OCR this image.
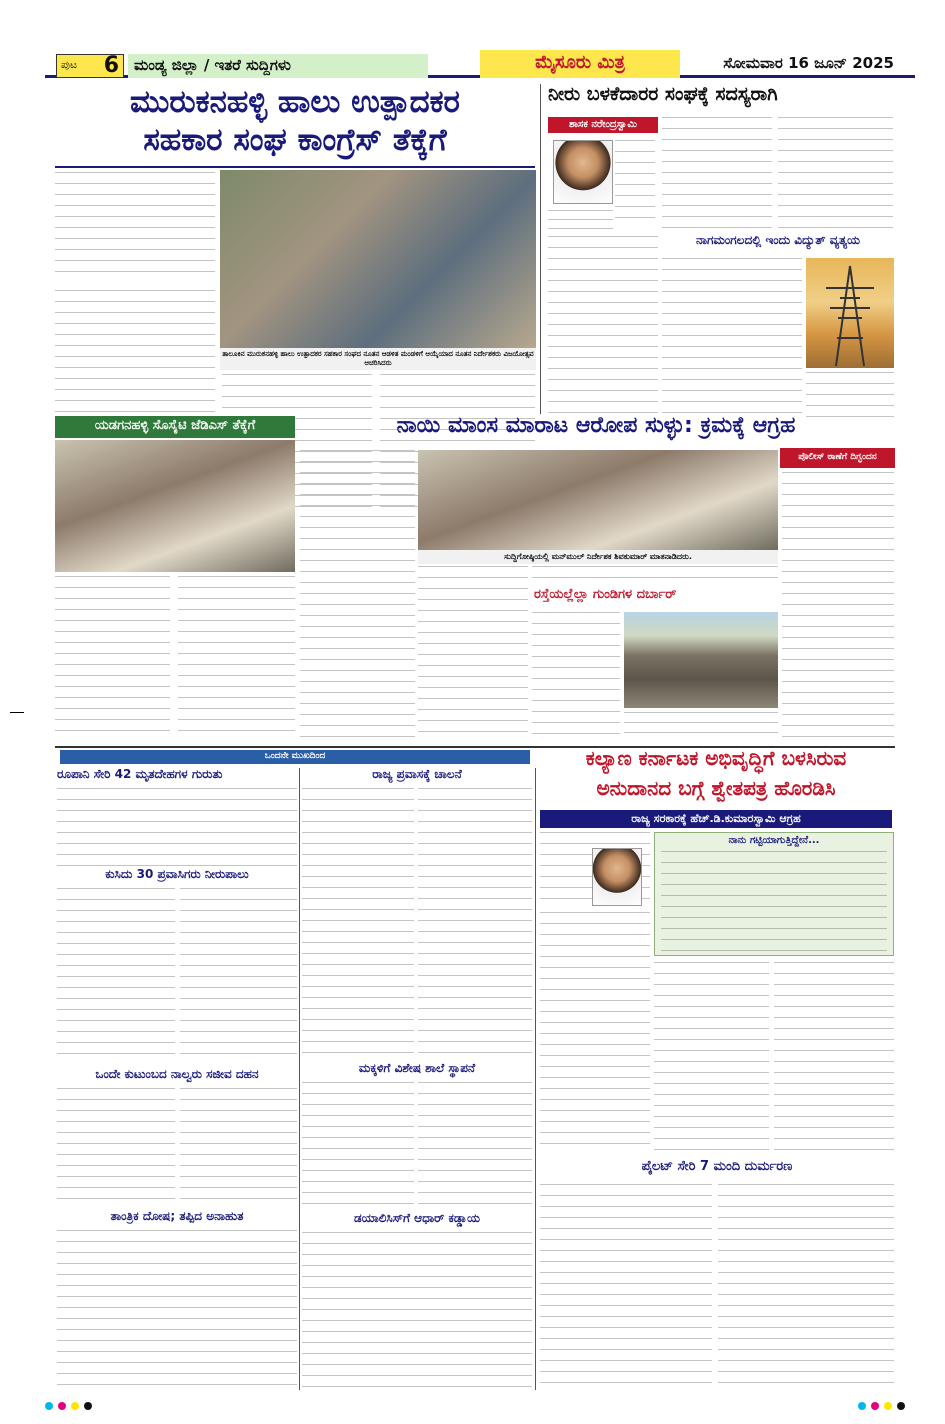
ಪುಟ 6	ಮಂಡ್ಯ ಜಿಲ್ಲಾ / ಇತರೆ ಸುದ್ದಿಗಳು	ಮೈಸೂರು ಮಿತ್ರ	ಸೋಮವಾರ 16 ಜೂನ್ 2025
ಮುರುಕನಹಳ್ಳಿ ಹಾಲು ಉತ್ಪಾದಕರ
ಸಹಕಾರ ಸಂಘ ಕಾಂಗ್ರೆಸ್ ತೆಕ್ಕೆಗೆ
ತಾಲೂಕಿನ ಮುರುಕನಹಳ್ಳಿ ಹಾಲು ಉತ್ಪಾದಕರ ಸಹಕಾರ ಸಂಘದ ನೂತನ ಆಡಳಿತ ಮಂಡಳಿಗೆ ಆಯ್ಕೆಯಾದ ನೂತನ ನಿರ್ದೇಶಕರು ವಿಜಯೋತ್ಸವ ಆಚರಿಸಿದರು
ನೀರು ಬಳಕೆದಾರರ ಸಂಘಕ್ಕೆ ಸದಸ್ಯರಾಗಿ
ಶಾಸಕ ನರೇಂದ್ರಸ್ವಾಮಿ
ನಾಗಮಂಗಲದಲ್ಲಿ ಇಂದು ವಿದ್ಯುತ್ ವ್ಯತ್ಯಯ
ಯಡಗನಹಳ್ಳಿ ಸೊಸೈಟಿ ಜೆಡಿಎಸ್ ತೆಕ್ಕೆಗೆ	ನಾಯಿ ಮಾಂಸ ಮಾರಾಟ ಆರೋಪ ಸುಳ್ಳು: ಕ್ರಮಕ್ಕೆ ಆಗ್ರಹ
ಸುದ್ದಿಗೋಷ್ಠಿಯಲ್ಲಿ ಮನ್‌ಮುಲ್ ನಿರ್ದೇಶಕ ಶಿವಕುಮಾರ್ ಮಾತನಾಡಿದರು.
ಪೊಲೀಸ್ ಠಾಣೆಗೆ ದಿಗ್ಭಂದನ
ರಸ್ತೆಯಲ್ಲೆಲ್ಲಾ ಗುಂಡಿಗಳ ದರ್ಬಾರ್
ಒಂದನೇ ಮುಖದಿಂದ
ರೂಪಾನಿ ಸೇರಿ 42 ಮೃತದೇಹಗಳ ಗುರುತು
ಕುಸಿದು 30 ಪ್ರವಾಸಿಗರು ನೀರುಪಾಲು
ಒಂದೇ ಕುಟುಂಬದ ನಾಲ್ವರು ಸಜೀವ ದಹನ
ತಾಂತ್ರಿಕ ದೋಷ; ತಪ್ಪಿದ ಅನಾಹುತ
ರಾಜ್ಯ ಪ್ರವಾಸಕ್ಕೆ ಚಾಲನೆ
ಮಕ್ಕಳಿಗೆ ವಿಶೇಷ ಶಾಲೆ ಸ್ಥಾಪನೆ
ಡಯಾಲಿಸಿಸ್‌ಗೆ ಆಧಾರ್ ಕಡ್ಡಾಯ
ಕಲ್ಯಾಣ ಕರ್ನಾಟಕ ಅಭಿವೃದ್ಧಿಗೆ ಬಳಸಿರುವ
ಅನುದಾನದ ಬಗ್ಗೆ ಶ್ವೇತಪತ್ರ ಹೊರಡಿಸಿ
ರಾಜ್ಯ ಸರಕಾರಕ್ಕೆ ಹೆಚ್.ಡಿ.ಕುಮಾರಸ್ವಾಮಿ ಆಗ್ರಹ
ನಾನು ಗಟ್ಟಿಯಾಗುತ್ತಿದ್ದೇನೆ...
ಪೈಲಟ್ ಸೇರಿ 7 ಮಂದಿ ದುರ್ಮರಣ
